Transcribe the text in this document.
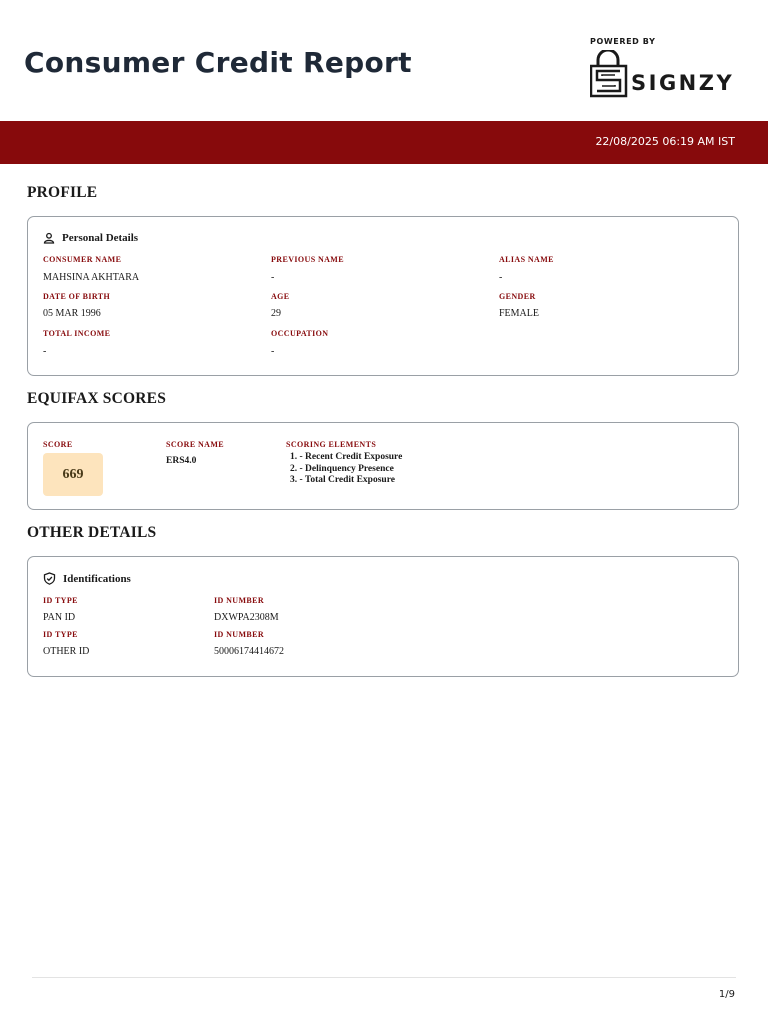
Consumer Credit Report
POWERED BY
SIGNZY
22/08/2025 06:19 AM IST
PROFILE
Personal Details
CONSUMER NAME
MAHSINA AKHTARA
PREVIOUS NAME
-
ALIAS NAME
-
DATE OF BIRTH
05 MAR 1996
AGE
29
GENDER
FEMALE
TOTAL INCOME
-
OCCUPATION
-
EQUIFAX SCORES
SCORE
669
SCORE NAME
ERS4.0
SCORING ELEMENTS
1. - Recent Credit Exposure
2. - Delinquency Presence
3. - Total Credit Exposure
OTHER DETAILS
Identifications
ID TYPE
PAN ID
ID NUMBER
DXWPA2308M
ID TYPE
OTHER ID
ID NUMBER
50006174414672
1/9
